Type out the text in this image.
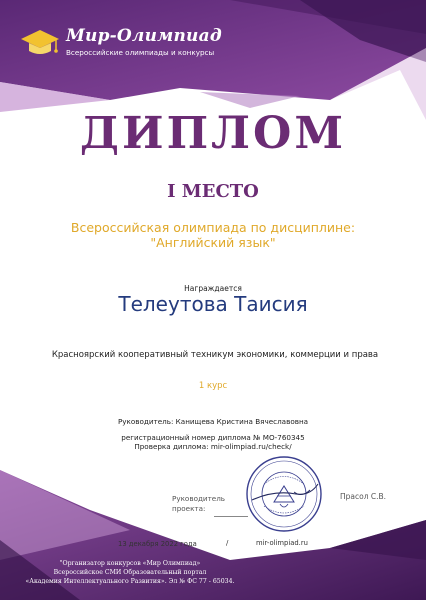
Мир-Олимпиад
Всероссийские олимпиады и конкурсы
ДИПЛОМ
I МЕСТО
Всероссийская олимпиада по дисциплине:
"Английский язык"
Награждается
Телеутова Таисия
Красноярский кооперативный техникум экономики, коммерции и права
1 курс
Руководитель: Канищева Кристина Вячеславовна
регистрационный номер диплома № МО-760345
Проверка диплома: mir-olimpiad.ru/check/
Руководитель проекта:
Прасол С.В.
13 декабря 2022 года	/	mir-olimpiad.ru
"Организатор конкурсов «Мир Олимпиад»
Всероссийское СМИ Образовательный портал
«Академия Интеллектуального Развития». Эл № ФС 77 - 65034.
